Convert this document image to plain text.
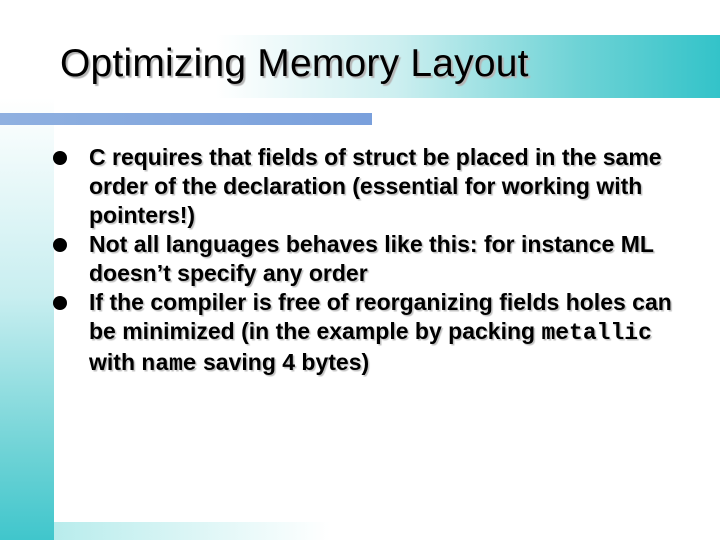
Optimizing Memory Layout
C requires that fields of struct be placed in the same order of the declaration (essential for working with pointers!)
Not all languages behaves like this: for instance ML doesn’t specify any order
If the compiler is free of reorganizing fields holes can be minimized (in the example by packing metallic with name saving 4 bytes)
